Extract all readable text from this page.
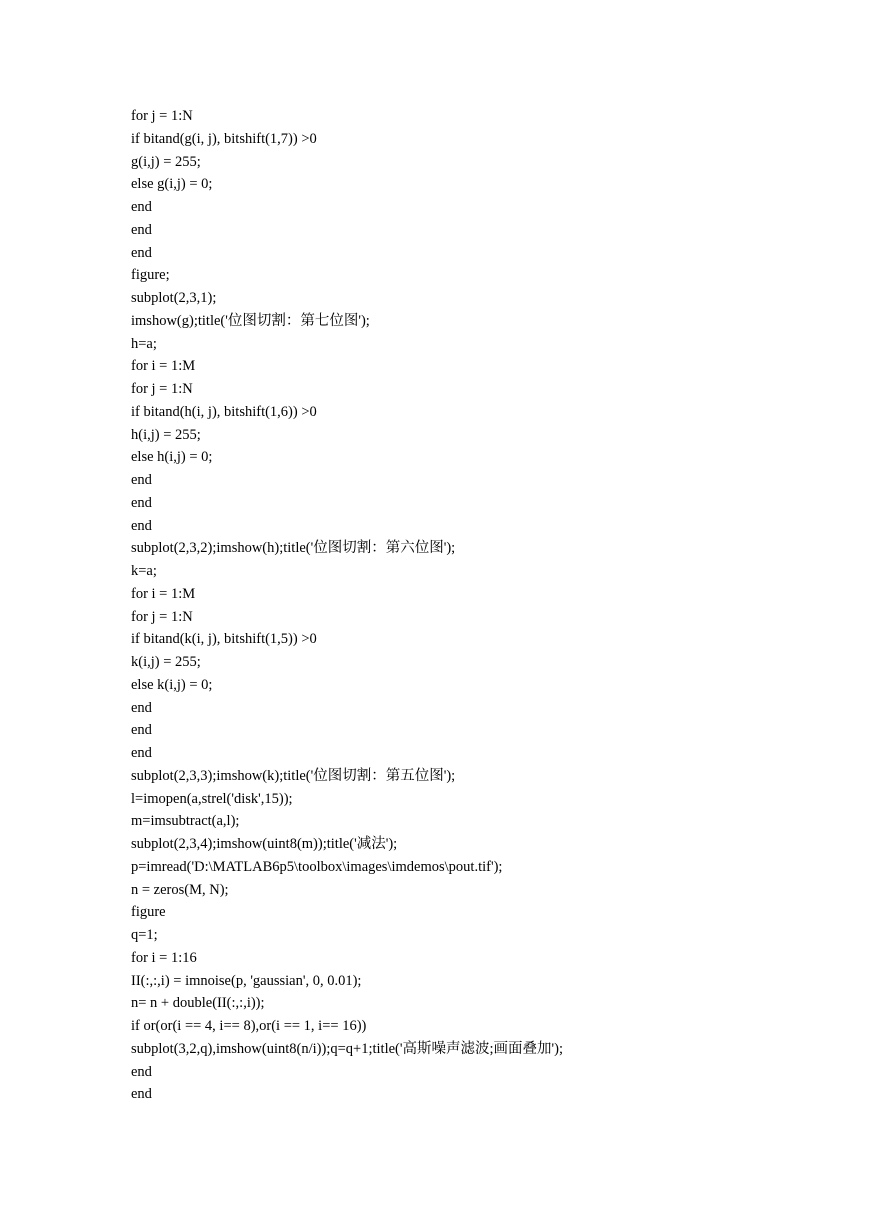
for j = 1:N
if bitand(g(i, j), bitshift(1,7)) >0
g(i,j) = 255;
else g(i,j) = 0;
end
end
end
figure;
subplot(2,3,1);
imshow(g);title('位图切割：第七位图');
h=a;
for i = 1:M
for j = 1:N
if bitand(h(i, j), bitshift(1,6)) >0
h(i,j) = 255;
else h(i,j) = 0;
end
end
end
subplot(2,3,2);imshow(h);title('位图切割：第六位图');
k=a;
for i = 1:M
for j = 1:N
if bitand(k(i, j), bitshift(1,5)) >0
k(i,j) = 255;
else k(i,j) = 0;
end
end
end
subplot(2,3,3);imshow(k);title('位图切割：第五位图');
l=imopen(a,strel('disk',15));
m=imsubtract(a,l);
subplot(2,3,4);imshow(uint8(m));title('减法');
p=imread('D:\MATLAB6p5\toolbox\images\imdemos\pout.tif');
n = zeros(M, N);
figure
q=1;
for i = 1:16
II(:,:,i) = imnoise(p, 'gaussian', 0, 0.01);
n= n + double(II(:,:,i));
if or(or(i == 4, i== 8),or(i == 1, i== 16))
subplot(3,2,q),imshow(uint8(n/i));q=q+1;title('高斯噪声滤波;画面叠加');
end
end
